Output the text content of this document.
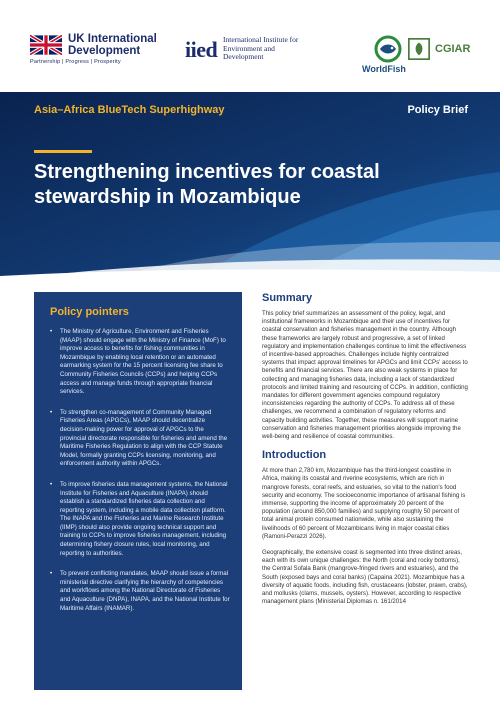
UK International Development
Partnership | Progress | Prosperity	iied International Institute for Environment and Development
WorldFish
CGIAR
Asia–Africa BlueTech Superhighway	Policy Brief
Strengthening incentives for coastal stewardship in Mozambique
Policy pointers
• The Ministry of Agriculture, Environment and Fisheries (MAAP) should engage with the Ministry of Finance (MoF) to improve access to benefits for fishing communities in Mozambique by enabling local retention or an automated earmarking system for the 15 percent licensing fee share to Community Fisheries Councils (CCPs) and helping CCPs access and manage funds through appropriate financial services.
• To strengthen co-management of Community Managed Fisheries Areas (APGCs), MAAP should decentralize decision-making power for approval of APGCs to the provincial directorate responsible for fisheries and amend the Maritime Fisheries Regulation to align with the CCP Statute Model, formally granting CCPs licensing, monitoring, and enforcement authority within APGCs.
• To improve fisheries data management systems, the National Institute for Fisheries and Aquaculture (INAPA) should establish a standardized fisheries data collection and reporting system, including a mobile data collection platform. The INAPA and the Fisheries and Marine Research Institute (IIMP) should also provide ongoing technical support and training to CCPs to improve fisheries management, including determining fishery closure rules, local monitoring, and reporting to authorities.
• To prevent conflicting mandates, MAAP should issue a formal ministerial directive clarifying the hierarchy of competencies and workflows among the National Directorate of Fisheries and Aquaculture (DNPA), INAPA, and the National Institute for Maritime Affairs (INAMAR).
Summary

This policy brief summarizes an assessment of the policy, legal, and institutional frameworks in Mozambique and their use of incentives for coastal conservation and fisheries management in the country. Although these frameworks are largely robust and progressive, a set of linked regulatory and implementation challenges continue to limit the effectiveness of incentive-based approaches. Challenges include highly centralized systems that impact approval timelines for APGCs and limit CCPs' access to benefits and financial services. There are also weak systems in place for collecting and managing fisheries data, including a lack of standardized protocols and limited training and resourcing of CCPs. In addition, conflicting mandates for different government agencies compound regulatory inconsistencies regarding the authority of CCPs. To address all of these challenges, we recommend a combination of regulatory reforms and capacity building activities. Together, these measures will support marine conservation and fisheries management priorities alongside improving the well-being and resilience of coastal communities.

Introduction

At more than 2,780 km, Mozambique has the third-longest coastline in Africa, making its coastal and riverine ecosystems, which are rich in mangrove forests, coral reefs, and estuaries, so vital to the nation's food security and economy. The socioeconomic importance of artisanal fishing is immense, supporting the income of approximately 20 percent of the population (around 850,000 families) and supplying roughly 50 percent of total animal protein consumed nationwide, while also sustaining the livelihoods of 60 percent of Mozambicans living in major coastal cities (Ramoni-Perazzi 2026).

Geographically, the extensive coast is segmented into three distinct areas, each with its own unique challenges: the North (coral and rocky bottoms), the Central Sofala Bank (mangrove-fringed rivers and estuaries), and the South (exposed bays and coral banks) (Capaina 2021). Mozambique has a diversity of aquatic foods, including fish, crustaceans (lobster, prawn, crabs), and mollusks (clams, mussels, oysters). However, according to respective management plans (Ministerial Diplomas n. 161/2014
